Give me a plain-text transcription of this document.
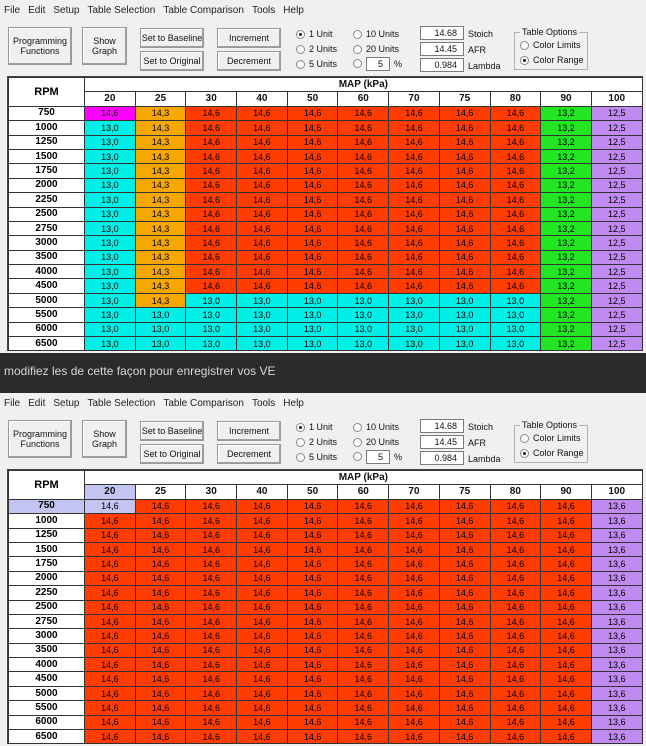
File Edit Setup Table Selection Table Comparison Tools Help
Programming Functions
Show Graph
Set to Baseline
Set to Original
Increment
Decrement
1 Unit
2 Units
5 Units
10 Units
20 Units
5	%
14.68	Stoich
14.45	AFR
0.984	Lambda
Table Options
Color Limits
Color Range
RPM	MAP (kPa)										
	20	25	30	40	50	60	70	75	80	90	100
750	14,6	14,3	14,6	14,6	14,6	14,6	14,6	14,6	14,6	13,2	12,5
1000	13,0	14,3	14,6	14,6	14,6	14,6	14,6	14,6	14,6	13,2	12,5
1250	13,0	14,3	14,6	14,6	14,6	14,6	14,6	14,6	14,6	13,2	12,5
1500	13,0	14,3	14,6	14,6	14,6	14,6	14,6	14,6	14,6	13,2	12,5
1750	13,0	14,3	14,6	14,6	14,6	14,6	14,6	14,6	14,6	13,2	12,5
2000	13,0	14,3	14,6	14,6	14,6	14,6	14,6	14,6	14,6	13,2	12,5
2250	13,0	14,3	14,6	14,6	14,6	14,6	14,6	14,6	14,6	13,2	12,5
2500	13,0	14,3	14,6	14,6	14,6	14,6	14,6	14,6	14,6	13,2	12,5
2750	13,0	14,3	14,6	14,6	14,6	14,6	14,6	14,6	14,6	13,2	12,5
3000	13,0	14,3	14,6	14,6	14,6	14,6	14,6	14,6	14,6	13,2	12,5
3500	13,0	14,3	14,6	14,6	14,6	14,6	14,6	14,6	14,6	13,2	12,5
4000	13,0	14,3	14,6	14,6	14,6	14,6	14,6	14,6	14,6	13,2	12,5
4500	13,0	14,3	14,6	14,6	14,6	14,6	14,6	14,6	14,6	13,2	12,5
5000	13,0	14,3	13,0	13,0	13,0	13,0	13,0	13,0	13,0	13,2	12,5
5500	13,0	13,0	13,0	13,0	13,0	13,0	13,0	13,0	13,0	13,2	12,5
6000	13,0	13,0	13,0	13,0	13,0	13,0	13,0	13,0	13,0	13,2	12,5
6500	13,0	13,0	13,0	13,0	13,0	13,0	13,0	13,0	13,0	13,2	12,5
modifiez les de cette façon pour enregistrer vos VE
File Edit Setup Table Selection Table Comparison Tools Help
Programming Functions
Show Graph
Set to Baseline
Set to Original
Increment
Decrement
1 Unit
2 Units
5 Units
10 Units
20 Units
5	%
14.68	Stoich
14.45	AFR
0.984	Lambda
Table Options
Color Limits
Color Range
RPM	MAP (kPa)										
	20	25	30	40	50	60	70	75	80	90	100
750	14,6	14,6	14,6	14,6	14,6	14,6	14,6	14,6	14,6	14,6	13,6
1000	14,6	14,6	14,6	14,6	14,6	14,6	14,6	14,6	14,6	14,6	13,6
1250	14,6	14,6	14,6	14,6	14,6	14,6	14,6	14,6	14,6	14,6	13,6
1500	14,6	14,6	14,6	14,6	14,6	14,6	14,6	14,6	14,6	14,6	13,6
1750	14,6	14,6	14,6	14,6	14,6	14,6	14,6	14,6	14,6	14,6	13,6
2000	14,6	14,6	14,6	14,6	14,6	14,6	14,6	14,6	14,6	14,6	13,6
2250	14,6	14,6	14,6	14,6	14,6	14,6	14,6	14,6	14,6	14,6	13,6
2500	14,6	14,6	14,6	14,6	14,6	14,6	14,6	14,6	14,6	14,6	13,6
2750	14,6	14,6	14,6	14,6	14,6	14,6	14,6	14,6	14,6	14,6	13,6
3000	14,6	14,6	14,6	14,6	14,6	14,6	14,6	14,6	14,6	14,6	13,6
3500	14,6	14,6	14,6	14,6	14,6	14,6	14,6	14,6	14,6	14,6	13,6
4000	14,6	14,6	14,6	14,6	14,6	14,6	14,6	14,6	14,6	14,6	13,6
4500	14,6	14,6	14,6	14,6	14,6	14,6	14,6	14,6	14,6	14,6	13,6
5000	14,6	14,6	14,6	14,6	14,6	14,6	14,6	14,6	14,6	14,6	13,6
5500	14,6	14,6	14,6	14,6	14,6	14,6	14,6	14,6	14,6	14,6	13,6
6000	14,6	14,6	14,6	14,6	14,6	14,6	14,6	14,6	14,6	14,6	13,6
6500	14,6	14,6	14,6	14,6	14,6	14,6	14,6	14,6	14,6	14,6	13,6
